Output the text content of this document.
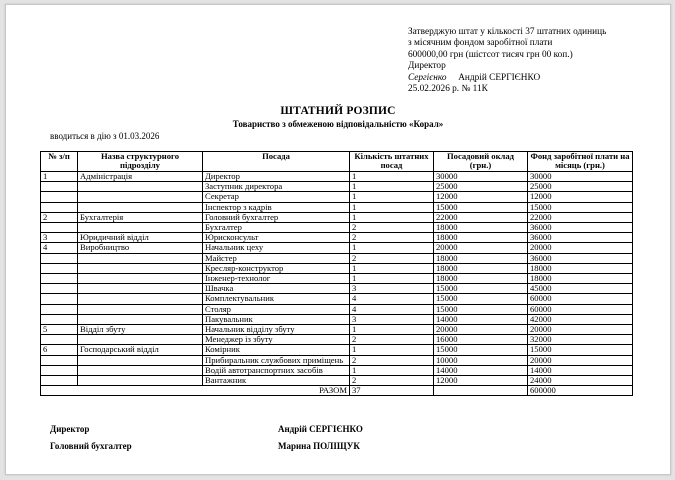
Затверджую штат у кількості 37 штатних одиниць
з місячним фондом заробітної плати
600000,00 грн (шістсот тисяч грн 00 коп.)
Директор
Сергієнко Андрій СЕРГІЄНКО
25.02.2026 р. № 11К
ШТАТНИЙ РОЗПИС
Товариство з обмеженою відповідальністю «Корал»
вводиться в дію з 01.03.2026
№ з/п	Назва структурного підрозділу	Посада	Кількість штатних посад	Посадовий оклад (грн.)	Фонд заробітної плати на місяць (грн.)
1	Адміністрація	Директор	1	30000	30000
		Заступник директора	1	25000	25000
		Секретар	1	12000	12000
		Інспектор з кадрів	1	15000	15000
2	Бухгалтерія	Головний бухгалтер	1	22000	22000
		Бухгалтер	2	18000	36000
3	Юридичний відділ	Юрисконсульт	2	18000	36000
4	Виробництво	Начальник цеху	1	20000	20000
		Майстер	2	18000	36000
		Кресляр-конструктор	1	18000	18000
		Інженер-технолог	1	18000	18000
		Швачка	3	15000	45000
		Комплектувальник	4	15000	60000
		Столяр	4	15000	60000
		Пакувальник	3	14000	42000
5	Відділ збуту	Начальник відділу збуту	1	20000	20000
		Менеджер із збуту	2	16000	32000
6	Господарський відділ	Комірник	1	15000	15000
		Прибиральник службових приміщень	2	10000	20000
		Водій автотранспортних засобів	1	14000	14000
		Вантажник	2	12000	24000
РАЗОМ			37		600000
Директор	Андрій СЕРГІЄНКО
Головний бухгалтер	Марина ПОЛІЩУК
